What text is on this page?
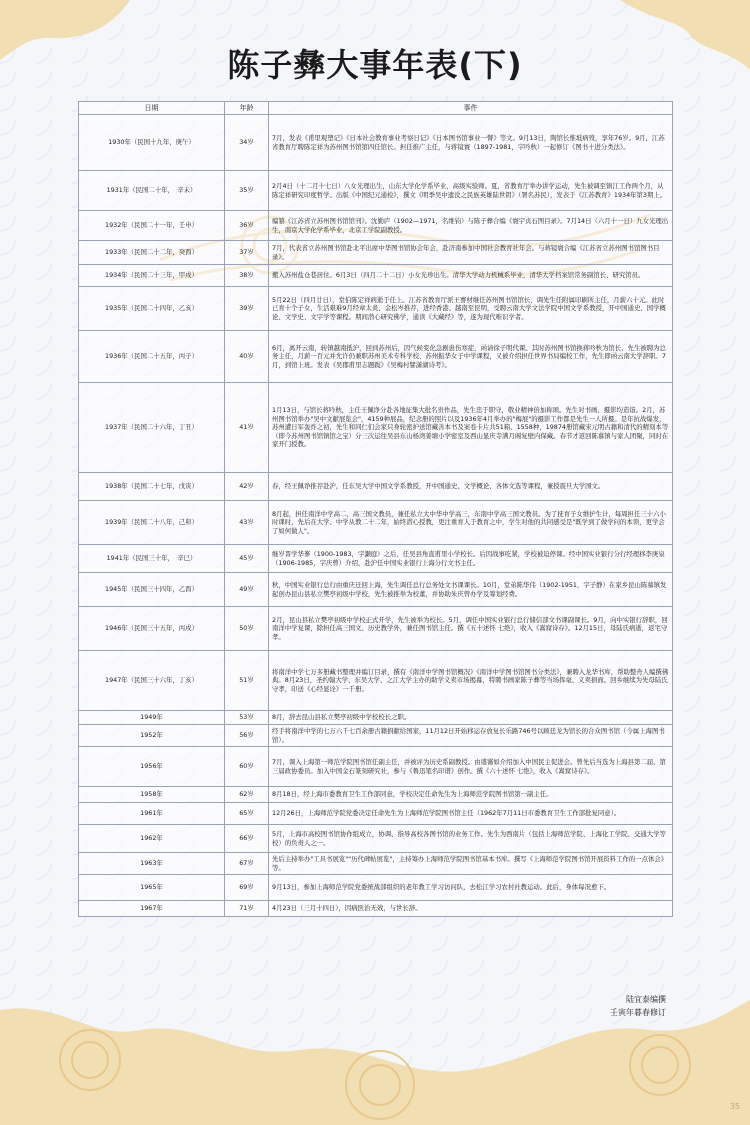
陈子彝大事年表(下)
日期	年龄	事件
1930年（民国十九年，庚午）	34岁	7月，发表《甫里观塑记》《日本社会教育事业考察日记》《日本图书馆事业一瞥》等文。9月13日，陶馆长惟坻病歿，享年76岁。9月，江苏省教育厅聘陈定祥为苏州图书馆第四任馆长。担任推广主任，与蒋镜寰（1897-1981，字吟秋）一起修订《图书十进分类法》。
1931年（民国二十年，　辛未）	35岁	2月4日（十二月十七日）八女光理出生，山东大学化学系毕业，高级实验师。夏，省教育厅举办讲学运动，先生被调至镇江工作两个月，从陈定祥研究印度哲学。出版《中国纪元通检》，撰文《明季吴中遗没之民族英雄陆世钥》（署名苏民），发表于《江苏教育》1934年第3期上。
1932年（民国二十一年，壬申）	36岁	编纂《江苏省立苏州图书馆馆刊》。沈勤庐（1902—1971，名维钧）与陈子彝合编《寰宇贞石图目录》。7月14日（六月十一日）九女光理出生，南京大学化学系毕业，北京工学院副教授。
1933年（民国二十二年，癸酉）	37岁	7月，代表省立苏州图书馆赴北平出席中华图书馆协会年会，赴济南参加中国社会教育社年会。与蒋镜寰合编《江苏省立苏州图书馆图书目录》。
1934年（民国二十三年，甲戌）	38岁	搬入苏州盐仓巷居住。6月3日（四月二十二日）小女光珍出生。清华大学动力机械系毕业，清华大学档案馆常务副馆长、研究馆员。
1935年（民国二十四年，乙亥）	39岁	5月22日（四月廿日），堂伯陈定祥病逝于任上。江苏省教育厅派王謇材继任苏州图书馆馆长，调先生任附属印刷所主任，月薪六十元。此时已育十个子女，生活艰难9月经章太炎、金松岑推荐，进经香港、越南至昆明，受聘云南大学文法学院中国文学系教授，开中国通史、国学概论、文学史、文字学等课程。期间潜心研究佛学，通读《大藏经》等，遂为现代唯识学者。
1936年（民国二十五年，丙子）	40岁	6月，离开云南，转镇越南抵沪，回到苏州后，因气候变化急剧患伤寒症，函请徐子明代课。其时苏州图书馆换蒋吟秋为馆长，先生被聘为总务主任，月薪一百元并允许仍兼职苏州美术专科学校、苏州振华女子中学课程，又被介绍担任世界书局编校工作，先生即函云南大学辞职。7月，到馆上班。发表《吴郡甫里志题跋》《吴梅村譬潇湖诗考》。
1937年（民国二十六年，丁丑）	41岁	1月13日，与馆长蒋吟秋，主任王佩诤分赴各地征集大批名贵作品，先生忠于职守，敬业精神倍加称颂。先生对书画、摄影均造诣。2月，苏州图书馆举办"吴中文献展览会"，4159种展品，纪念册的照片以及1936年4月举办的"梅展"的摄影工作都是先生一人所摄。是年抗战爆发，苏州遭日军轰炸之初，先生和同仁们会家只身轮密护送馆藏善本书及案卷卡片共51箱、1558种，19874册馆藏宋元明古籍和清代的精刻本等（即今苏州图书馆镇馆之宝）分三次运往吴县东山杨湾姜塘小学密室及西山显庆寺满月阁复壁内保藏。春节才返回陈慕镇与家人团聚，同时在家开门授教。
1938年（民国二十七年，戊寅）	42岁	春，经王佩诤推荐赴沪，任东吴大学中国文学系教授，开中国通史、文学概论、各体文选等课程，兼授震旦大学国文。
1939年（民国二十八年，己卯）	43岁	8月起，担任南洋中学高二、高三国文教员，兼任私立大中华中学高三，东南中学高三国文教员。为了抚育子女维护生计，每周担任三十六小时课时，先后在大学、中学从教二十二年，始终潜心授教，更注重育人于教育之中，学生对他的共同感受是"既学到了做学问的本领，更学会了如何做人"。
1941年（民国三十年，　辛巳）	45岁	继岁晋学华嵾（1900-1983，字灏庭）之后，任吴县角直甫里小学校长。后因战事吃紧，学校被迫停课。经中国实业银行分行经理移李庚泉（1906-1985，字庆曾）介绍，赴沪任中国实业银行上海分行文书主任。
1945年（民国三十四年，乙酉）	49岁	秋，中国实业银行总行由重庆迁回上海，先生调任总行总务处文书课课长。10月，堂弟陈华伟（1902-1951，字子静）在家乡昆山陈慕镇发起创办昆山县私立樊亭初级中学校，先生被推举为校董，并协助朱庆曾办学及筹划经费。
1946年（民国三十五年，丙戌）	50岁	2月，昆山县私立樊亭初级中学校正式开学，先生被举为校长。5月，调任中国实业银行总行储信部文书课副课长。9月，向中实银行辞职，回南洋中学复课，除担任高三国文、历史教学外，兼任图书馆主任。撰《五十述怀 七绝》，收入《嵩窟诗存》。12月15日，母陆氏病逝，返宅守孝。
1947年（民国三十六年，丁亥）	51岁	将南洋中学七万多册藏书整理并编订目录，撰有《南洋中学图书馆概况》《南洋中学图书馆图书分类法》，兼聘入龙华书库，帮助整舟人编撰佛典。8月23日，圣约翰大学、东吴大学、之江大学主办的助学义卖市场揭幕，特聘书画家陈子彝等当场挥毫、义卖捐面。回乡继续为先母陆氏守孝，印送《心经显诠》一千册。
1949年	53岁	8月，辞去昆山县私立樊亭初级中学校校长之职。
1952年	56岁	经手将南洋中学的七万六千七百余册古籍捐献给国家，11月12日开始移运存放复长乐路746号以顾廷龙为馆长的合众图书馆（今属上海图书馆）。
1956年	60岁	7月，调入上海第一师范学院图书馆任副主任，并被评为历史系副教授。由盛霭如介绍加入中国民主促进会。曾先后当选为上海县第二届、第三届政协委员。加入中国金石篆刻研究社，参与《鲁迅笔名印谱》创作。撰《六十述怀 七绝》，收入《嵩窟诗存》。
1958年	62岁	8月18日，经上海市委教育卫生工作部同意，学校决定任命先生为上海师范学院图书馆第一副主任。
1961年	65岁	12月26日，上海师范学院党委决定任命先生为上海师范学院图书馆主任（1962年7月11日市委教育卫生工作部批复同意）。
1962年	66岁	5月，上海市高校图书馆协作组成立，协调、指导高校各图书馆的业务工作。先生为西南片（包括上海师范学院、上海化工学院、交通大学等校）的负责人之一。
1963年	67岁	先后主持举办"工具书展览""历代碑帖展览"，主持筹办上海师范学院图书馆基本书库。撰写《上海师范学院图书馆开展资料工作的一点体会》等。
1965年	69岁	9月13日，参加上海师范学院党委统战部组织的老年教工学习访问队，去松江学习农村社教运动。此后，身体每况愈下。
1967年	71岁	4月23日（三月十四日），因病医治无效，与世长辞。
陆宜泰编撰
壬寅年暮春修订
35
